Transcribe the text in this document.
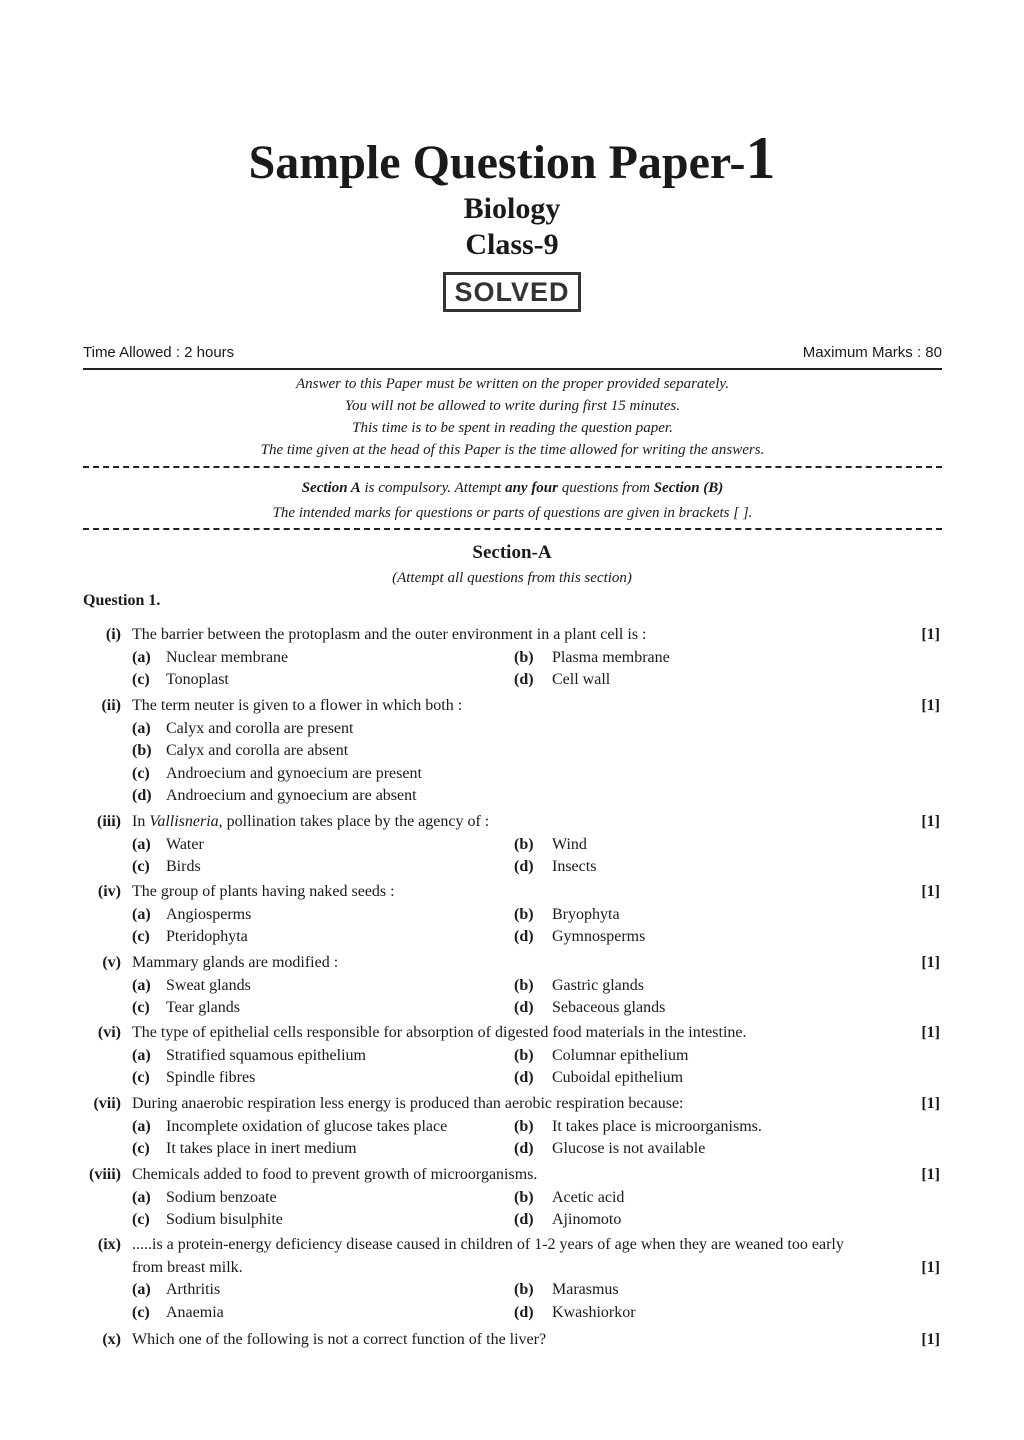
Sample Question Paper-1
Biology
Class-9
SOLVED
Time Allowed : 2 hours	Maximum Marks : 80
Answer to this Paper must be written on the proper provided separately.
You will not be allowed to write during first 15 minutes.
This time is to be spent in reading the question paper.
The time given at the head of this Paper is the time allowed for writing the answers.
Section A is compulsory. Attempt any four questions from Section (B)
The intended marks for questions or parts of questions are given in brackets [ ].
Section-A
(Attempt all questions from this section)
Question 1.
(i) The barrier between the protoplasm and the outer environment in a plant cell is :	[1]
(a) Nuclear membrane	(b) Plasma membrane
(c) Tonoplast	(d) Cell wall
(ii) The term neuter is given to a flower in which both :	[1]
(a) Calyx and corolla are present
(b) Calyx and corolla are absent
(c) Androecium and gynoecium are present
(d) Androecium and gynoecium are absent
(iii) In Vallisneria, pollination takes place by the agency of :	[1]
(a) Water	(b) Wind
(c) Birds	(d) Insects
(iv) The group of plants having naked seeds :	[1]
(a) Angiosperms	(b) Bryophyta
(c) Pteridophyta	(d) Gymnosperms
(v) Mammary glands are modified :	[1]
(a) Sweat glands	(b) Gastric glands
(c) Tear glands	(d) Sebaceous glands
(vi) The type of epithelial cells responsible for absorption of digested food materials in the intestine.	[1]
(a) Stratified squamous epithelium	(b) Columnar epithelium
(c) Spindle fibres	(d) Cuboidal epithelium
(vii) During anaerobic respiration less energy is produced than aerobic respiration because:	[1]
(a) Incomplete oxidation of glucose takes place	(b) It takes place is microorganisms.
(c) It takes place in inert medium	(d) Glucose is not available
(viii) Chemicals added to food to prevent growth of microorganisms.	[1]
(a) Sodium benzoate	(b) Acetic acid
(c) Sodium bisulphite	(d) Ajinomoto
(ix) .....is a protein-energy deficiency disease caused in children of 1-2 years of age when they are weaned too early
from breast milk.	[1]
(a) Arthritis	(b) Marasmus
(c) Anaemia	(d) Kwashiorkor
(x) Which one of the following is not a correct function of the liver?	[1]
